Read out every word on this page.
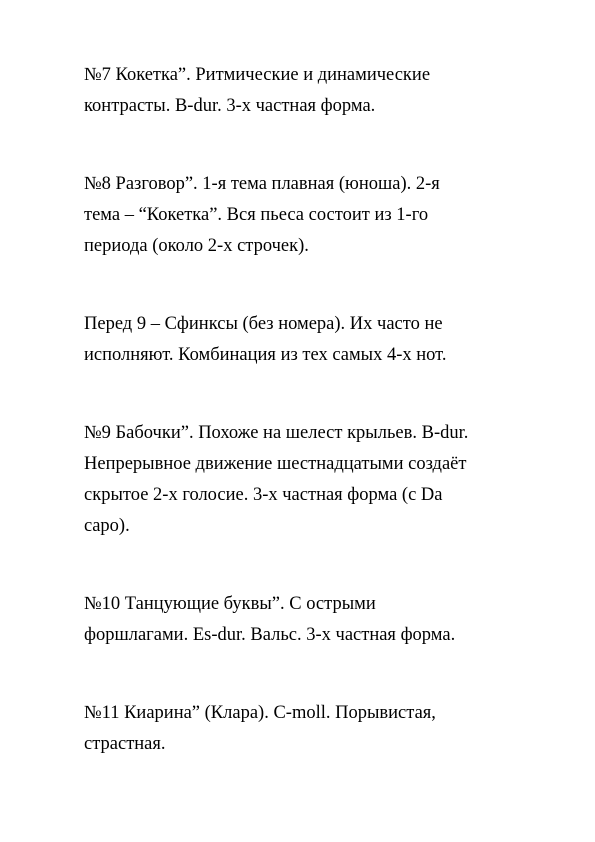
№7 Кокетка”. Ритмические и динамические
контрасты. B-dur. 3-х частная форма.

№8 Разговор”. 1-я тема плавная (юноша). 2-я
тема – “Кокетка”. Вся пьеса состоит из 1-го
периода (около 2-х строчек).

Перед 9 – Сфинксы (без номера). Их часто не
исполняют. Комбинация из тех самых 4-х нот.

№9 Бабочки”. Похоже на шелест крыльев. B-dur.
Непрерывное движение шестнадцатыми создаёт
скрытое 2-х голосие. 3-х частная форма (с Da
capo).

№10 Танцующие буквы”. С острыми
форшлагами. Es-dur. Вальс. 3-х частная форма.

№11 Киарина” (Клара). C-moll. Порывистая,
страстная.
